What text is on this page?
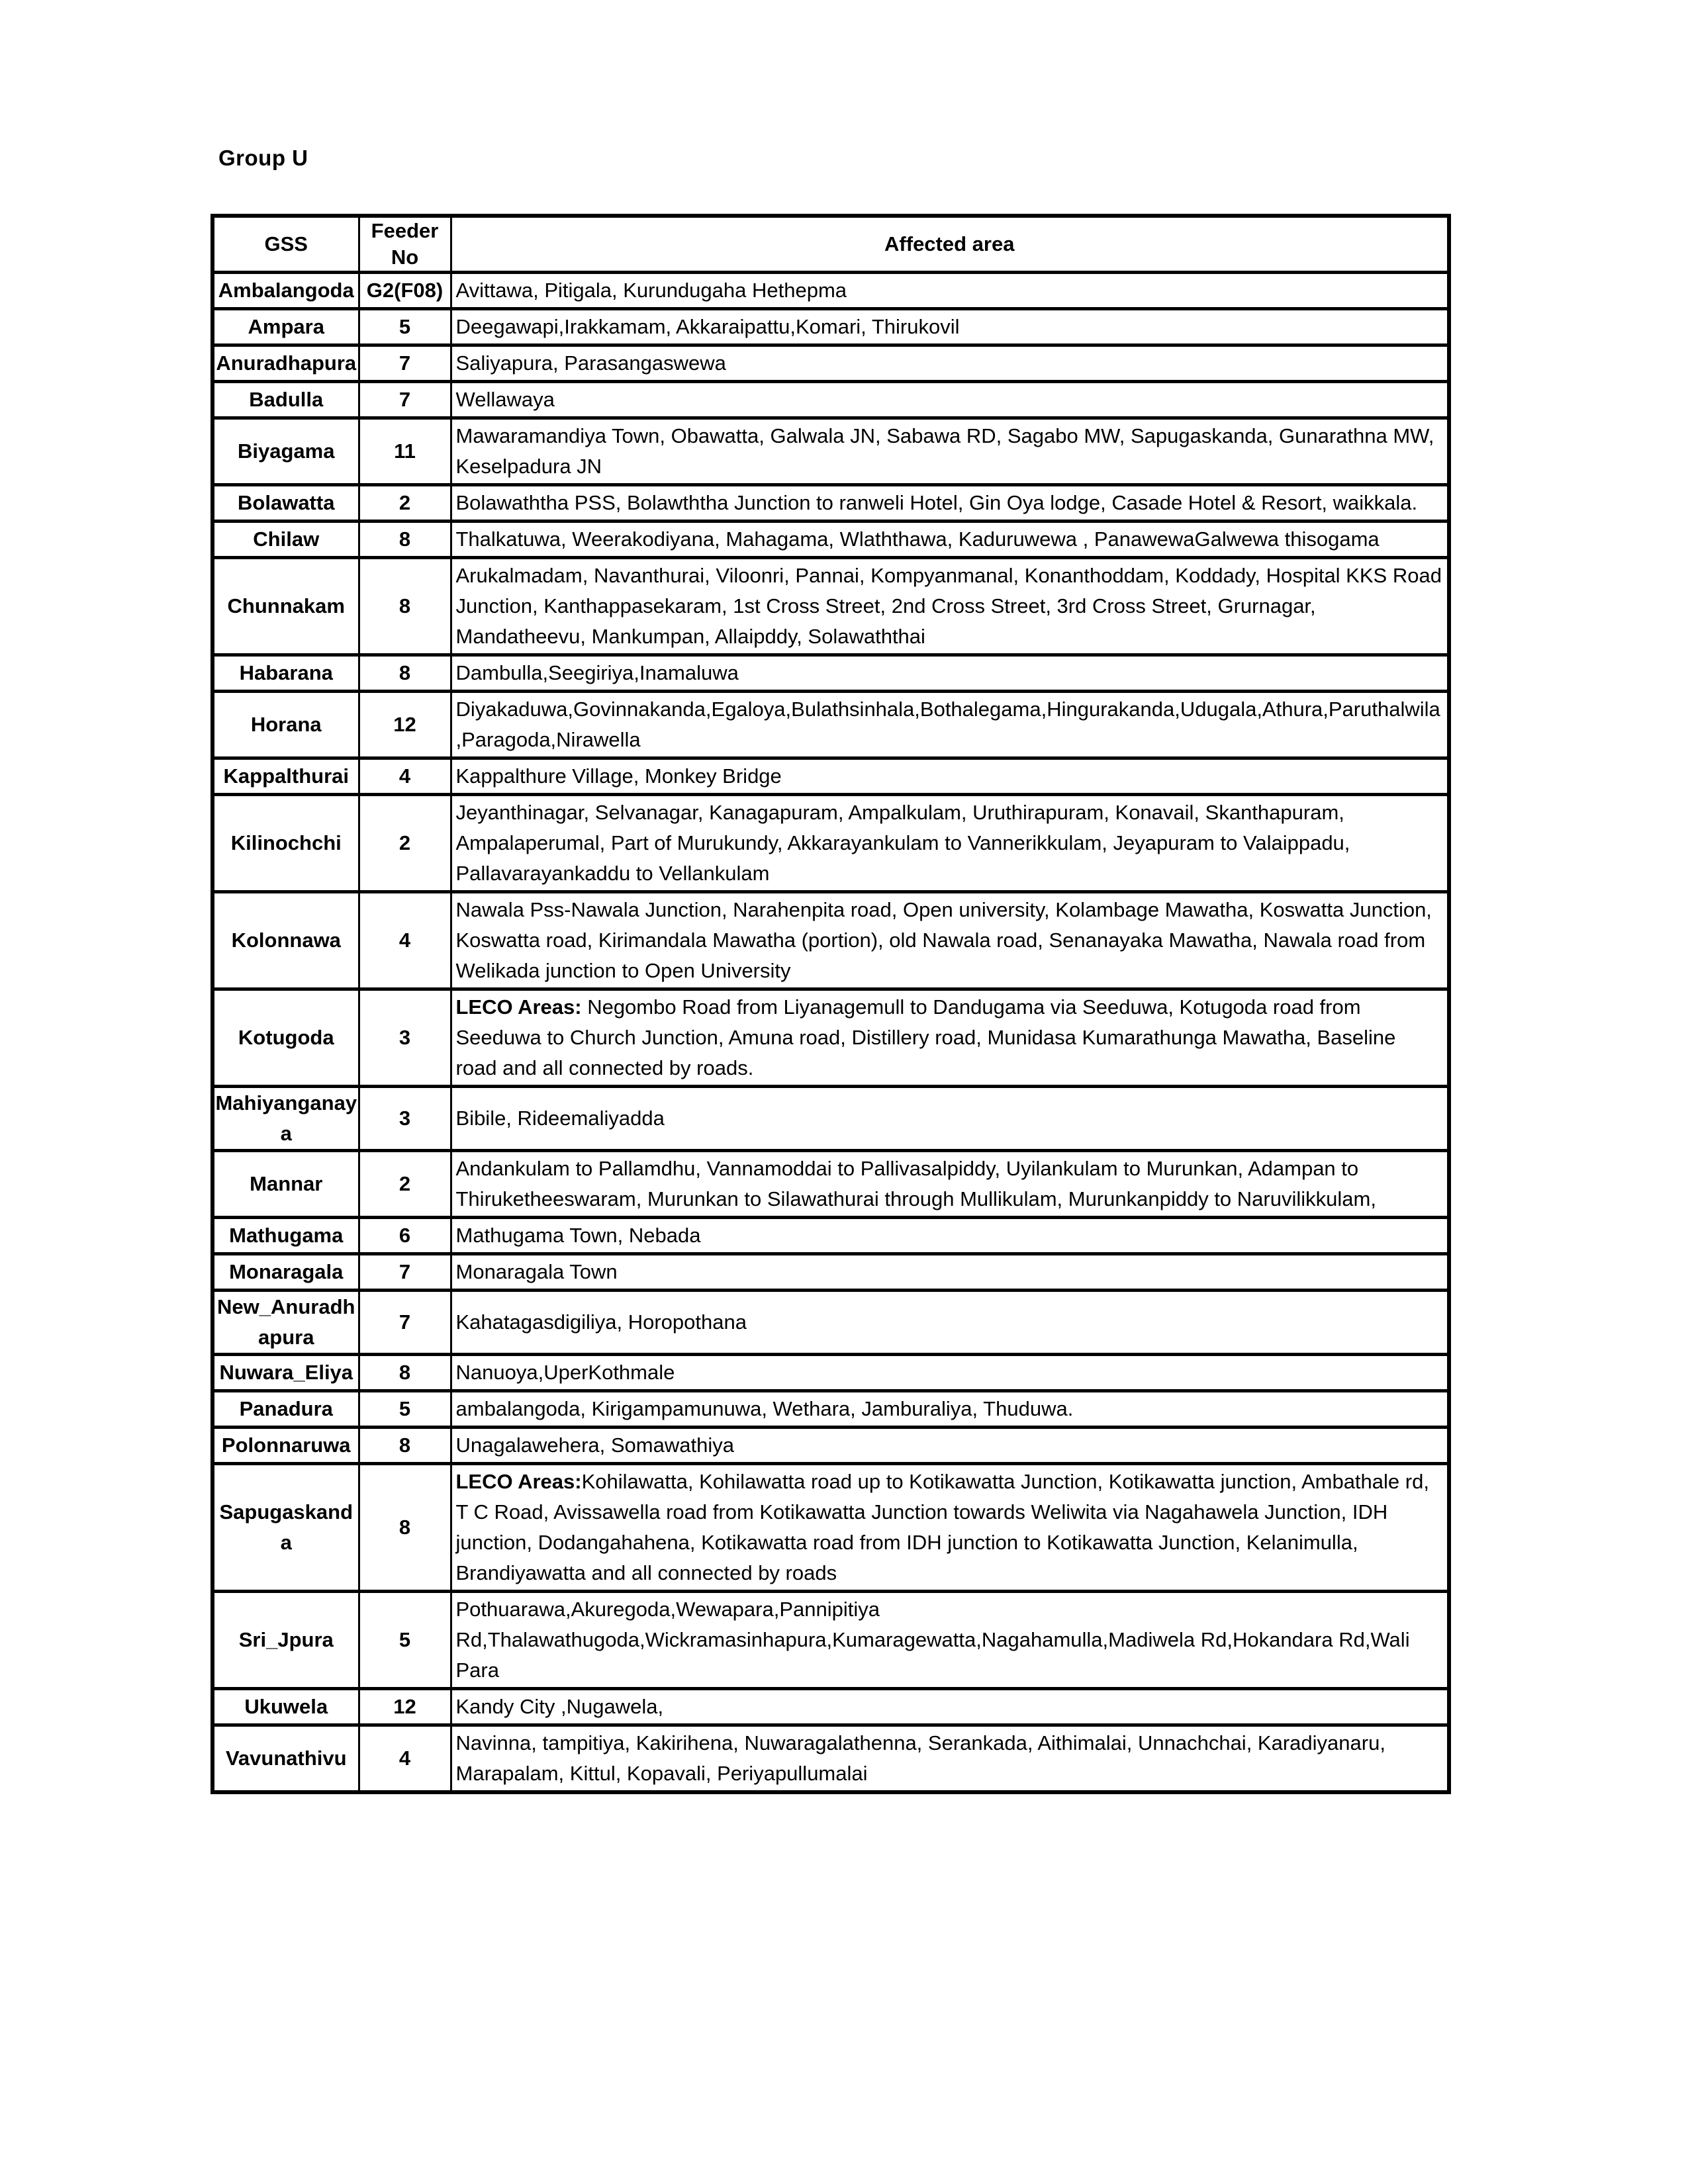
Group U
GSS	Feeder No	Affected area
Ambalangoda	G2(F08)	Avittawa, Pitigala, Kurundugaha Hethepma
Ampara	5	Deegawapi,Irakkamam, Akkaraipattu,Komari, Thirukovil
Anuradhapura	7	Saliyapura, Parasangaswewa
Badulla	7	Wellawaya
Biyagama	11	Mawaramandiya Town, Obawatta, Galwala JN, Sabawa RD, Sagabo MW, Sapugaskanda, Gunarathna MW, Keselpadura JN
Bolawatta	2	Bolawaththa PSS, Bolawththa Junction to ranweli Hotel, Gin Oya lodge, Casade Hotel & Resort, waikkala.
Chilaw	8	Thalkatuwa, Weerakodiyana, Mahagama, Wlaththawa, Kaduruwewa , PanawewaGalwewa thisogama
Chunnakam	8	Arukalmadam, Navanthurai, Viloonri, Pannai, Kompyanmanal, Konanthoddam, Koddady, Hospital KKS Road Junction, Kanthappasekaram, 1st Cross Street, 2nd Cross Street, 3rd Cross Street, Grurnagar, Mandatheevu, Mankumpan, Allaipddy, Solawaththai
Habarana	8	Dambulla,Seegiriya,Inamaluwa
Horana	12	Diyakaduwa,Govinnakanda,Egaloya,Bulathsinhala,Bothalegama,Hingurakanda,Udugala,Athura,Paruthalwila,Paragoda,Nirawella
Kappalthurai	4	Kappalthure Village, Monkey Bridge
Kilinochchi	2	Jeyanthinagar, Selvanagar, Kanagapuram, Ampalkulam, Uruthirapuram, Konavail, Skanthapuram, Ampalaperumal, Part of Murukundy, Akkarayankulam to Vannerikkulam, Jeyapuram to Valaippadu, Pallavarayankaddu to Vellankulam
Kolonnawa	4	Nawala Pss-Nawala Junction, Narahenpita road, Open university, Kolambage Mawatha, Koswatta Junction, Koswatta road, Kirimandala Mawatha (portion), old Nawala road, Senanayaka Mawatha, Nawala road from Welikada junction to Open University
Kotugoda	3	LECO Areas: Negombo Road from Liyanagemull to Dandugama via Seeduwa, Kotugoda road from Seeduwa to Church Junction, Amuna road, Distillery road, Munidasa Kumarathunga Mawatha, Baseline road and all connected by roads.
Mahiyanganaya	3	Bibile, Rideemaliyadda
Mannar	2	Andankulam to Pallamdhu, Vannamoddai to Pallivasalpiddy, Uyilankulam to Murunkan, Adampan to Thiruketheeswaram, Murunkan to Silawathurai through Mullikulam, Murunkanpiddy to Naruvilikkulam,
Mathugama	6	Mathugama Town, Nebada
Monaragala	7	Monaragala Town
New_Anuradhapura	7	Kahatagasdigiliya, Horopothana
Nuwara_Eliya	8	Nanuoya,UperKothmale
Panadura	5	ambalangoda, Kirigampamunuwa, Wethara, Jamburaliya, Thuduwa.
Polonnaruwa	8	Unagalawehera, Somawathiya
Sapugaskanda	8	LECO Areas:Kohilawatta, Kohilawatta road up to Kotikawatta Junction, Kotikawatta junction, Ambathale rd, T C Road, Avissawella road from Kotikawatta Junction towards Weliwita via Nagahawela Junction, IDH junction, Dodangahahena, Kotikawatta road from IDH junction to Kotikawatta Junction, Kelanimulla, Brandiyawatta and all connected by roads
Sri_Jpura	5	Pothuarawa,Akuregoda,Wewapara,Pannipitiya Rd,Thalawathugoda,Wickramasinhapura,Kumaragewatta,Nagahamulla,Madiwela Rd,Hokandara Rd,Wali Para
Ukuwela	12	Kandy City ,Nugawela,
Vavunathivu	4	Navinna, tampitiya, Kakirihena, Nuwaragalathenna, Serankada, Aithimalai, Unnachchai, Karadiyanaru, Marapalam, Kittul, Kopavali, Periyapullumalai
